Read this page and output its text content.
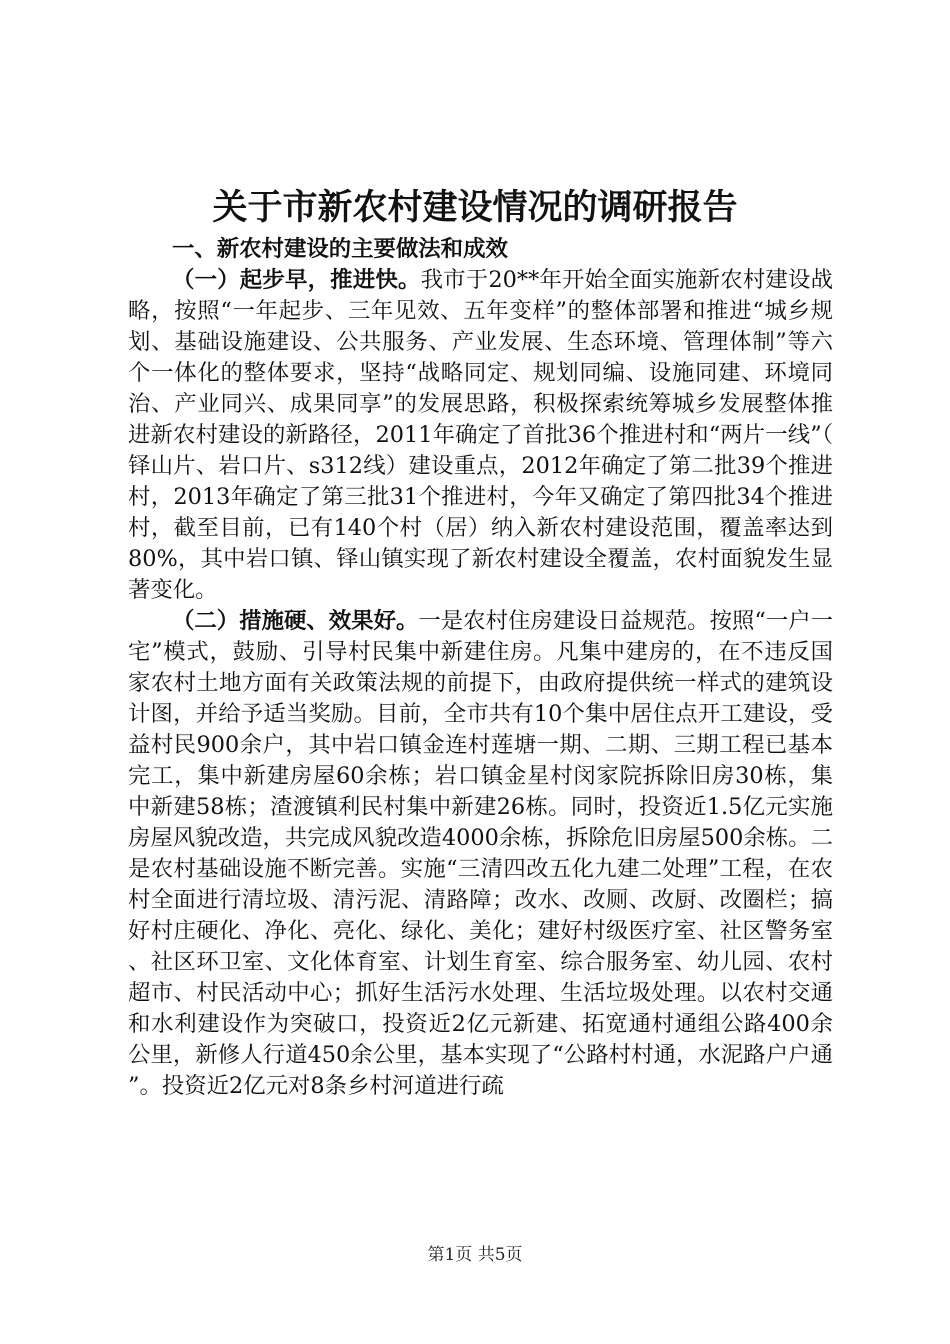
关于市新农村建设情况的调研报告

一、新农村建设的主要做法和成效

（一）起步早，推进快。我市于20**年开始全面实施新农村建设战略，按照“一年起步、三年见效、五年变样”的整体部署和推进“城乡规划、基础设施建设、公共服务、产业发展、生态环境、管理体制”等六个一体化的整体要求，坚持“战略同定、规划同编、设施同建、环境同治、产业同兴、成果同享”的发展思路，积极探索统筹城乡发展整体推进新农村建设的新路径，2011年确定了首批36个推进村和“两片一线”（铎山片、岩口片、s312线）建设重点，2012年确定了第二批39个推进村，2013年确定了第三批31个推进村，今年又确定了第四批34个推进村，截至目前，已有140个村（居）纳入新农村建设范围，覆盖率达到80%，其中岩口镇、铎山镇实现了新农村建设全覆盖，农村面貌发生显著变化。

（二）措施硬、效果好。一是农村住房建设日益规范。按照“一户一宅”模式，鼓励、引导村民集中新建住房。凡集中建房的，在不违反国家农村土地方面有关政策法规的前提下，由政府提供统一样式的建筑设计图，并给予适当奖励。目前，全市共有10个集中居住点开工建设，受益村民900余户，其中岩口镇金连村莲塘一期、二期、三期工程已基本完工，集中新建房屋60余栋；岩口镇金星村闵家院拆除旧房30栋，集中新建58栋；渣渡镇利民村集中新建26栋。同时，投资近1.5亿元实施房屋风貌改造，共完成风貌改造4000余栋，拆除危旧房屋500余栋。二是农村基础设施不断完善。实施“三清四改五化九建二处理”工程，在农村全面进行清垃圾、清污泥、清路障；改水、改厕、改厨、改圈栏；搞好村庄硬化、净化、亮化、绿化、美化；建好村级医疗室、社区警务室、社区环卫室、文化体育室、计划生育室、综合服务室、幼儿园、农村超市、村民活动中心；抓好生活污水处理、生活垃圾处理。以农村交通和水利建设作为突破口，投资近2亿元新建、拓宽通村通组公路400余公里，新修人行道450余公里，基本实现了“公路村村通，水泥路户户通”。投资近2亿元对8条乡村河道进行疏

第1页 共5页
